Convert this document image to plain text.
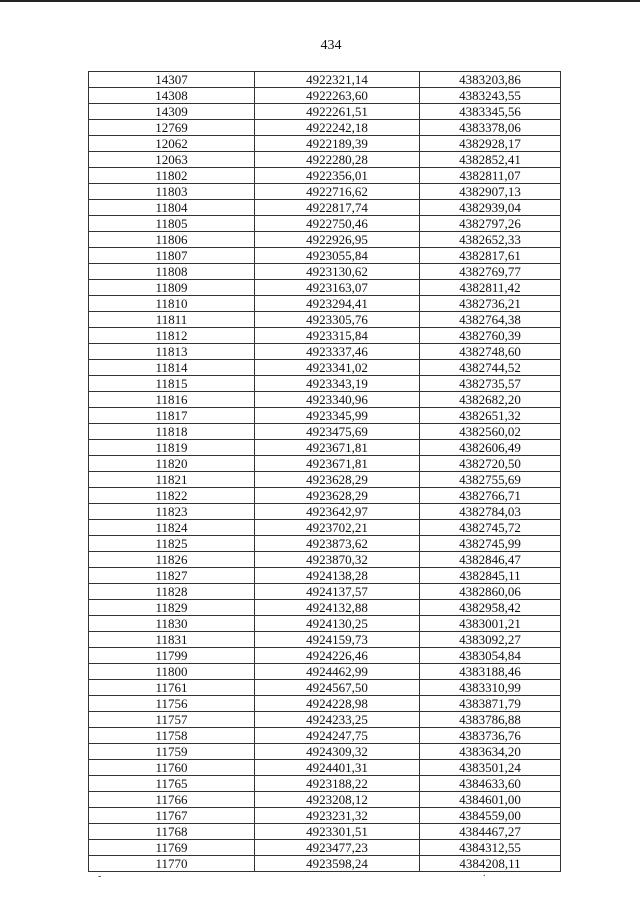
434
14307	4922321,14	4383203,86
14308	4922263,60	4383243,55
14309	4922261,51	4383345,56
12769	4922242,18	4383378,06
12062	4922189,39	4382928,17
12063	4922280,28	4382852,41
11802	4922356,01	4382811,07
11803	4922716,62	4382907,13
11804	4922817,74	4382939,04
11805	4922750,46	4382797,26
11806	4922926,95	4382652,33
11807	4923055,84	4382817,61
11808	4923130,62	4382769,77
11809	4923163,07	4382811,42
11810	4923294,41	4382736,21
11811	4923305,76	4382764,38
11812	4923315,84	4382760,39
11813	4923337,46	4382748,60
11814	4923341,02	4382744,52
11815	4923343,19	4382735,57
11816	4923340,96	4382682,20
11817	4923345,99	4382651,32
11818	4923475,69	4382560,02
11819	4923671,81	4382606,49
11820	4923671,81	4382720,50
11821	4923628,29	4382755,69
11822	4923628,29	4382766,71
11823	4923642,97	4382784,03
11824	4923702,21	4382745,72
11825	4923873,62	4382745,99
11826	4923870,32	4382846,47
11827	4924138,28	4382845,11
11828	4924137,57	4382860,06
11829	4924132,88	4382958,42
11830	4924130,25	4383001,21
11831	4924159,73	4383092,27
11799	4924226,46	4383054,84
11800	4924462,99	4383188,46
11761	4924567,50	4383310,99
11756	4924228,98	4383871,79
11757	4924233,25	4383786,88
11758	4924247,75	4383736,76
11759	4924309,32	4383634,20
11760	4924401,31	4383501,24
11765	4923188,22	4384633,60
11766	4923208,12	4384601,00
11767	4923231,32	4384559,00
11768	4923301,51	4384467,27
11769	4923477,23	4384312,55
11770	4923598,24	4384208,11
-	.
